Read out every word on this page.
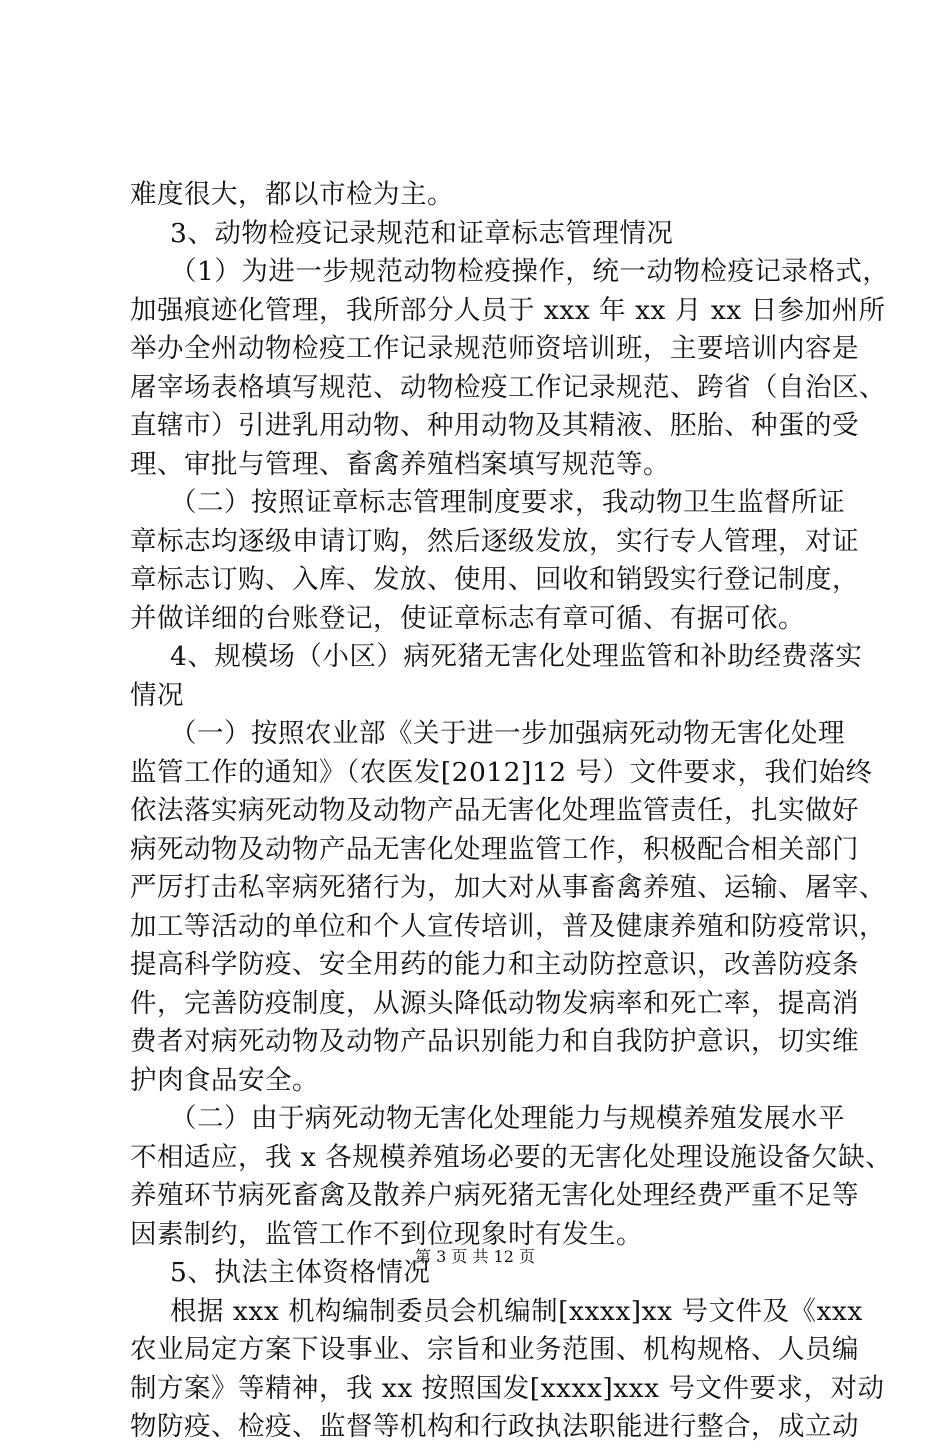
难度很大，都以市检为主。
3、动物检疫记录规范和证章标志管理情况
（1）为进一步规范动物检疫操作，统一动物检疫记录格式，
加强痕迹化管理，我所部分人员于 xxx 年 xx 月 xx 日参加州所
举办全州动物检疫工作记录规范师资培训班，主要培训内容是
屠宰场表格填写规范、动物检疫工作记录规范、跨省（自治区、
直辖市）引进乳用动物、种用动物及其精液、胚胎、种蛋的受
理、审批与管理、畜禽养殖档案填写规范等。
（二）按照证章标志管理制度要求，我动物卫生监督所证
章标志均逐级申请订购，然后逐级发放，实行专人管理，对证
章标志订购、入库、发放、使用、回收和销毁实行登记制度，
并做详细的台账登记，使证章标志有章可循、有据可依。
4、规模场（小区）病死猪无害化处理监管和补助经费落实
情况
（一）按照农业部《关于进一步加强病死动物无害化处理
监管工作的通知》（农医发[2012]12 号）文件要求，我们始终
依法落实病死动物及动物产品无害化处理监管责任，扎实做好
病死动物及动物产品无害化处理监管工作，积极配合相关部门
严厉打击私宰病死猪行为，加大对从事畜禽养殖、运输、屠宰、
加工等活动的单位和个人宣传培训，普及健康养殖和防疫常识，
提高科学防疫、安全用药的能力和主动防控意识，改善防疫条
件，完善防疫制度，从源头降低动物发病率和死亡率，提高消
费者对病死动物及动物产品识别能力和自我防护意识，切实维
护肉食品安全。
（二）由于病死动物无害化处理能力与规模养殖发展水平
不相适应，我 x 各规模养殖场必要的无害化处理设施设备欠缺、
养殖环节病死畜禽及散养户病死猪无害化处理经费严重不足等
因素制约，监管工作不到位现象时有发生。
5、执法主体资格情况
根据 xxx 机构编制委员会机编制[xxxx]xx 号文件及《xxx
农业局定方案下设事业、宗旨和业务范围、机构规格、人员编
制方案》等精神，我 xx 按照国发[xxxx]xxx 号文件要求，对动
物防疫、检疫、监督等机构和行政执法职能进行整合，成立动
第 3 页 共 12 页
